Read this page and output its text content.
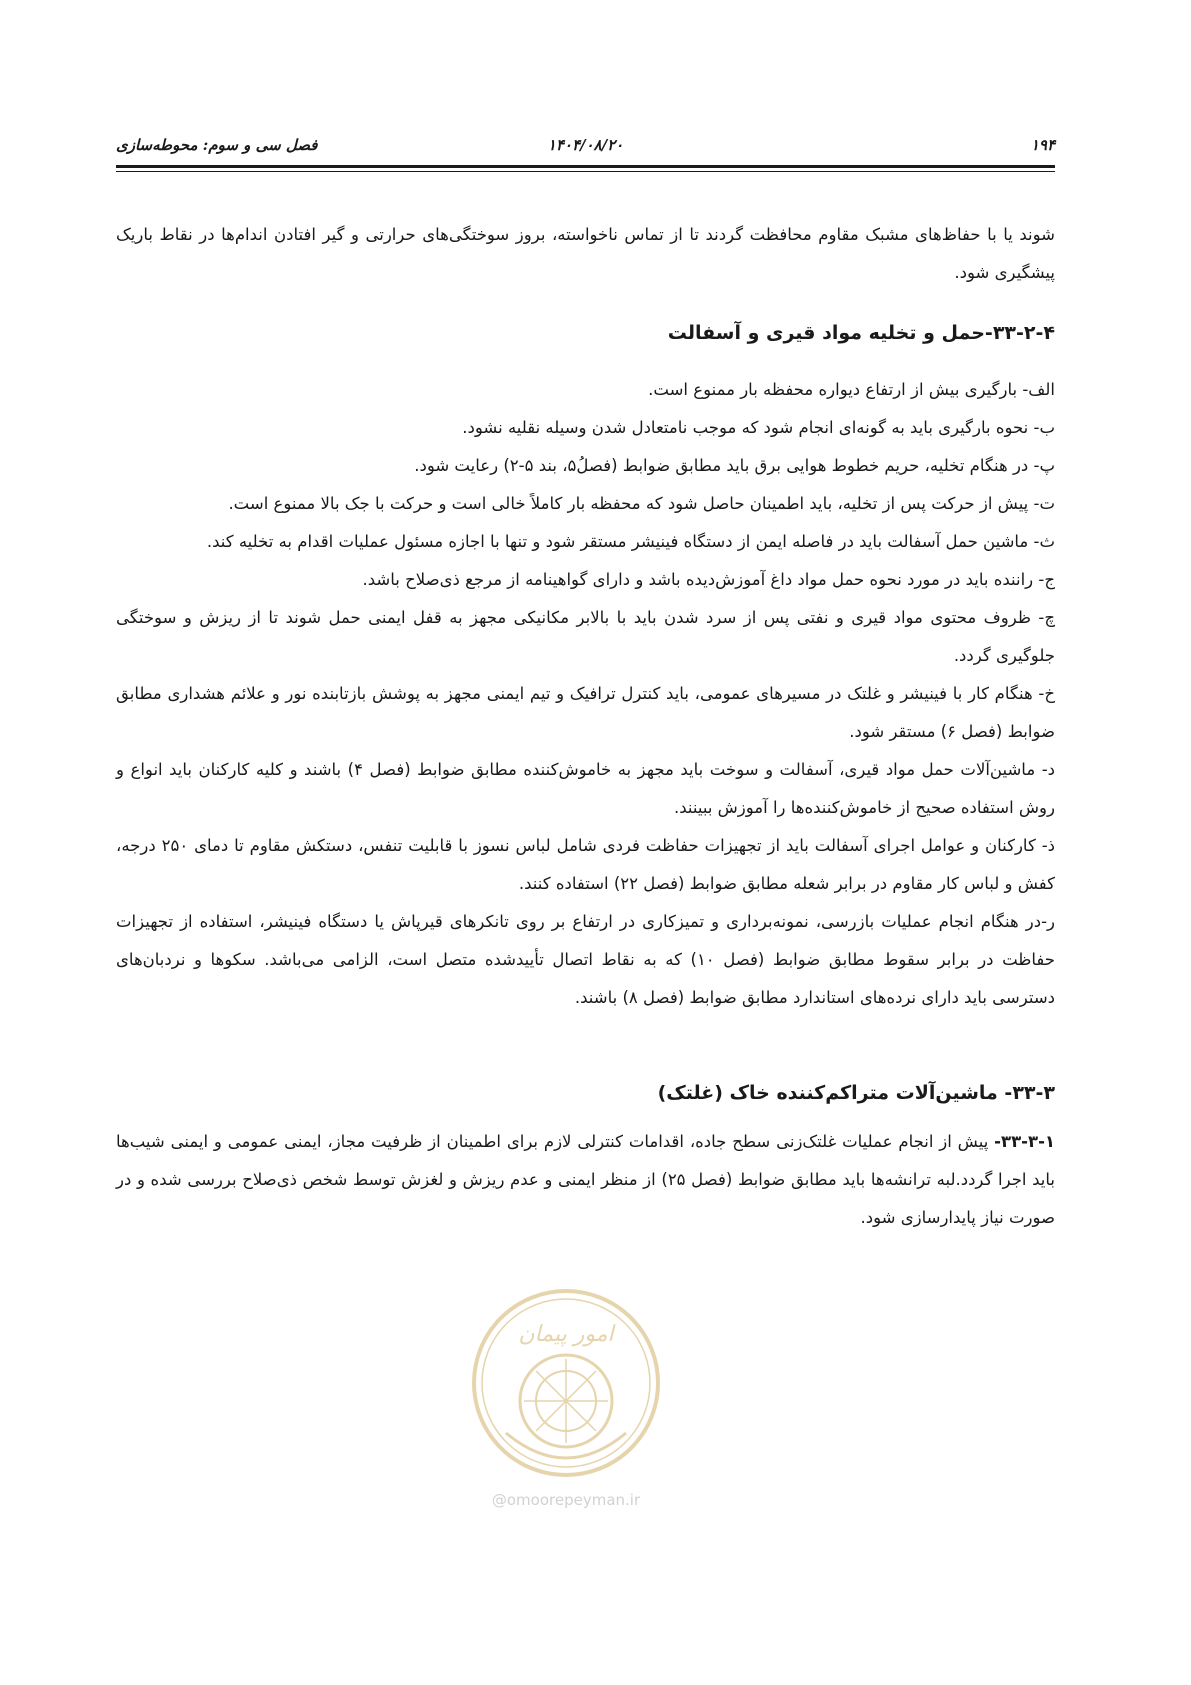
۱۹۴
۱۴۰۴/۰۸/۲۰
فصل سی و سوم: محوطه‌سازی

شوند یا با حفاظ‌های مشبک مقاوم محافظت گردند تا از تماس ناخواسته، بروز سوختگی‌های حرارتی و گیر افتادن اندام‌ها در نقاط باریک پیشگیری شود.

۳۳-۲-۴-حمل و تخلیه مواد قیری و آسفالت

الف- بارگیری بیش از ارتفاع دیواره محفظه بار ممنوع است.

ب- نحوه بارگیری باید به گونه‌ای انجام شود که موجب نامتعادل شدن وسیله نقلیه نشود.

پ- در هنگام تخلیه، حریم خطوط هوایی برق باید مطابق ضوابط (فصلُ۵، بند ۵-۲) رعایت شود.

ت- پیش از حرکت پس از تخلیه، باید اطمینان حاصل شود که محفظه بار کاملاً خالی است و حرکت با جک بالا ممنوع است.

ث- ماشین حمل آسفالت باید در فاصله ایمن از دستگاه فینیشر مستقر شود و تنها با اجازه مسئول عملیات اقدام به تخلیه کند.

ج- راننده باید در مورد نحوه حمل مواد داغ آموزش‌دیده باشد و دارای گواهینامه از مرجع ذی‌صلاح باشد.

چ- ظروف محتوی مواد قیری و نفتی پس از سرد شدن باید با بالابر مکانیکی مجهز به قفل ایمنی حمل شوند تا از ریزش و سوختگی جلوگیری گردد.

خ- هنگام کار با فینیشر و غلتک در مسیرهای عمومی، باید کنترل ترافیک و تیم ایمنی مجهز به پوشش بازتابنده نور و علائم هشداری مطابق ضوابط (فصل ۶) مستقر شود.

د- ماشین‌آلات حمل مواد قیری، آسفالت و سوخت باید مجهز به خاموش‌کننده مطابق ضوابط (فصل ۴) باشند و کلیه کارکنان باید انواع و روش استفاده صحیح از خاموش‌کننده‌ها را آموزش ببینند.

ذ- کارکنان و عوامل اجرای آسفالت باید از تجهیزات حفاظت فردی شامل لباس نسوز با قابلیت تنفس، دستکش مقاوم تا دمای ۲۵۰ درجه، کفش و لباس کار مقاوم در برابر شعله مطابق ضوابط (فصل ۲۲) استفاده کنند.

ر-در هنگام انجام عملیات بازرسی، نمونه‌برداری و تمیزکاری در ارتفاع بر روی تانکرهای قیرپاش یا دستگاه فینیشر، استفاده از تجهیزات حفاظت در برابر سقوط مطابق ضوابط (فصل ۱۰) که به نقاط اتصال تأییدشده متصل است، الزامی می‌باشد. سکوها و نردبان‌های دسترسی باید دارای نرده‌های استاندارد مطابق ضوابط (فصل ۸) باشند.

۳۳-۳- ماشین‌آلات متراکم‌کننده خاک (غلتک)

۳۳-۳-۱- پیش از انجام عملیات غلتک‌زنی سطح جاده، اقدامات کنترلی لازم برای اطمینان از ظرفیت مجاز، ایمنی عمومی و ایمنی شیب‌ها باید اجرا گردد.لبه ترانشه‌ها باید مطابق ضوابط (فصل ۲۵) از منظر ایمنی و عدم ریزش و لغزش توسط شخص ذی‌صلاح بررسی شده و در صورت نیاز پایدارسازی شود.

امور پیمان
@omoorepeyman.ir
